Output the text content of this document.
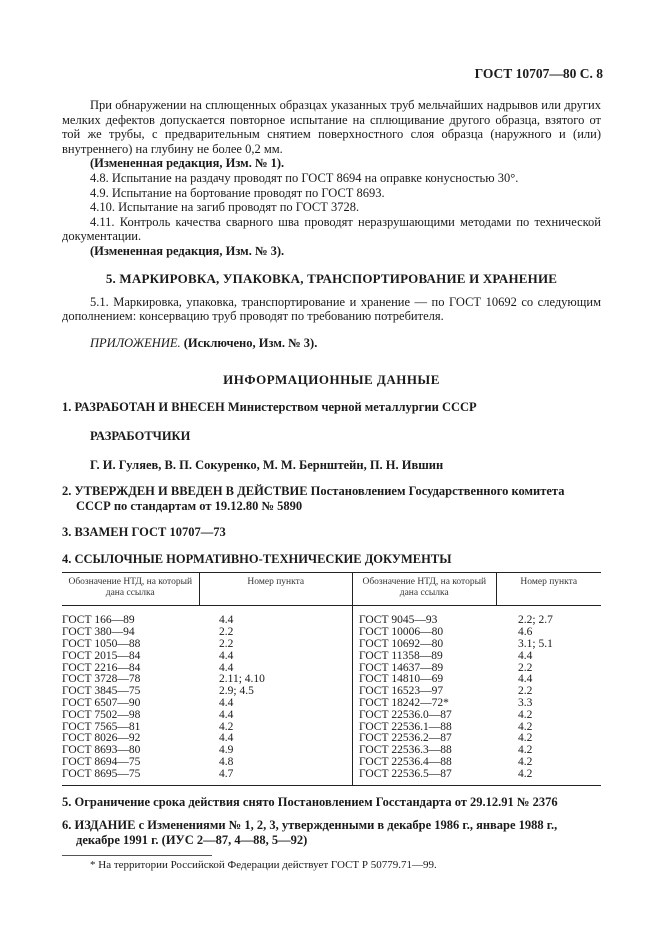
ГОСТ 10707—80 С. 8

При обнаружении на сплющенных образцах указанных труб мельчайших надрывов или других мелких дефектов допускается повторное испытание на сплющивание другого образца, взятого от той же трубы, с предварительным снятием поверхностного слоя образца (наружного и (или) внутреннего) на глубину не более 0,2 мм.

(Измененная редакция, Изм. № 1).

4.8. Испытание на раздачу проводят по ГОСТ 8694 на оправке конусностью 30°.

4.9. Испытание на бортование проводят по ГОСТ 8693.

4.10. Испытание на загиб проводят по ГОСТ 3728.

4.11. Контроль качества сварного шва проводят неразрушающими методами по технической документации.

(Измененная редакция, Изм. № 3).

5. МАРКИРОВКА, УПАКОВКА, ТРАНСПОРТИРОВАНИЕ И ХРАНЕНИЕ

5.1. Маркировка, упаковка, транспортирование и хранение — по ГОСТ 10692 со следующим дополнением: консервацию труб проводят по требованию потребителя.

ПРИЛОЖЕНИЕ. (Исключено, Изм. № 3).

ИНФОРМАЦИОННЫЕ ДАННЫЕ
1. РАЗРАБОТАН И ВНЕСЕН Министерством черной металлургии СССР
РАЗРАБОТЧИКИ
Г. И. Гуляев, В. П. Сокуренко, М. М. Бернштейн, П. Н. Ившин
2. УТВЕРЖДЕН И ВВЕДЕН В ДЕЙСТВИЕ Постановлением Государственного комитета СССР по стандартам от 19.12.80 № 5890
3. ВЗАМЕН ГОСТ 10707—73
4. ССЫЛОЧНЫЕ НОРМАТИВНО-ТЕХНИЧЕСКИЕ ДОКУМЕНТЫ
Обозначение НТД, на который дана ссылка	Номер пункта	Обозначение НТД, на который дана ссылка	Номер пункта
ГОСТ 166—89	4.4	ГОСТ 9045—93	2.2; 2.7
ГОСТ 380—94	2.2	ГОСТ 10006—80	4.6
ГОСТ 1050—88	2.2	ГОСТ 10692—80	3.1; 5.1
ГОСТ 2015—84	4.4	ГОСТ 11358—89	4.4
ГОСТ 2216—84	4.4	ГОСТ 14637—89	2.2
ГОСТ 3728—78	2.11; 4.10	ГОСТ 14810—69	4.4
ГОСТ 3845—75	2.9; 4.5	ГОСТ 16523—97	2.2
ГОСТ 6507—90	4.4	ГОСТ 18242—72*	3.3
ГОСТ 7502—98	4.4	ГОСТ 22536.0—87	4.2
ГОСТ 7565—81	4.2	ГОСТ 22536.1—88	4.2
ГОСТ 8026—92	4.4	ГОСТ 22536.2—87	4.2
ГОСТ 8693—80	4.9	ГОСТ 22536.3—88	4.2
ГОСТ 8694—75	4.8	ГОСТ 22536.4—88	4.2
ГОСТ 8695—75	4.7	ГОСТ 22536.5—87	4.2
5. Ограничение срока действия снято Постановлением Госстандарта от 29.12.91 № 2376
6. ИЗДАНИЕ с Изменениями № 1, 2, 3, утвержденными в декабре 1986 г., январе 1988 г., декабре 1991 г. (ИУС 2—87, 4—88, 5—92)
* На территории Российской Федерации действует ГОСТ Р 50779.71—99.
